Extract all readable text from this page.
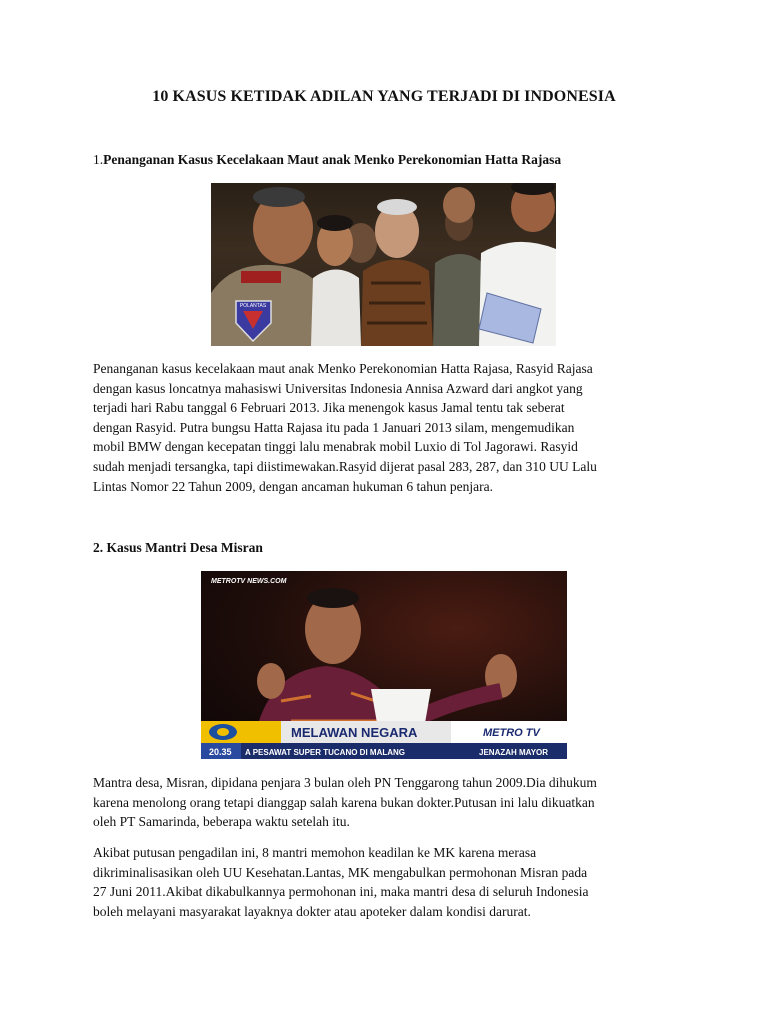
10 KASUS KETIDAK ADILAN YANG TERJADI DI INDONESIA
1.Penanganan Kasus Kecelakaan Maut anak Menko Perekonomian Hatta Rajasa
POLANTAS
Penanganan kasus kecelakaan maut anak Menko Perekonomian Hatta Rajasa, Rasyid Rajasa
dengan kasus loncatnya mahasiswi Universitas Indonesia Annisa Azward dari angkot yang
terjadi hari Rabu tanggal 6 Februari 2013. Jika menengok kasus Jamal tentu tak seberat
dengan Rasyid. Putra bungsu Hatta Rajasa itu pada 1 Januari 2013 silam, mengemudikan
mobil BMW dengan kecepatan tinggi lalu menabrak mobil Luxio di Tol Jagorawi. Rasyid
sudah menjadi tersangka, tapi diistimewakan.Rasyid dijerat pasal 283, 287, dan 310 UU Lalu
Lintas Nomor 22 Tahun 2009, dengan ancaman hukuman 6 tahun penjara.
2. Kasus Mantri Desa Misran
METROTV NEWS.COM
MELAWAN NEGARA	METRO TV
20.35 A PESAWAT SUPER TUCANO DI MALANG	JENAZAH MAYOR
Mantra desa, Misran, dipidana penjara 3 bulan oleh PN Tenggarong tahun 2009.Dia dihukum
karena menolong orang tetapi dianggap salah karena bukan dokter.Putusan ini lalu dikuatkan
oleh PT Samarinda, beberapa waktu setelah itu.
Akibat putusan pengadilan ini, 8 mantri memohon keadilan ke MK karena merasa
dikriminalisasikan oleh UU Kesehatan.Lantas, MK mengabulkan permohonan Misran pada
27 Juni 2011.Akibat dikabulkannya permohonan ini, maka mantri desa di seluruh Indonesia
boleh melayani masyarakat layaknya dokter atau apoteker dalam kondisi darurat.
